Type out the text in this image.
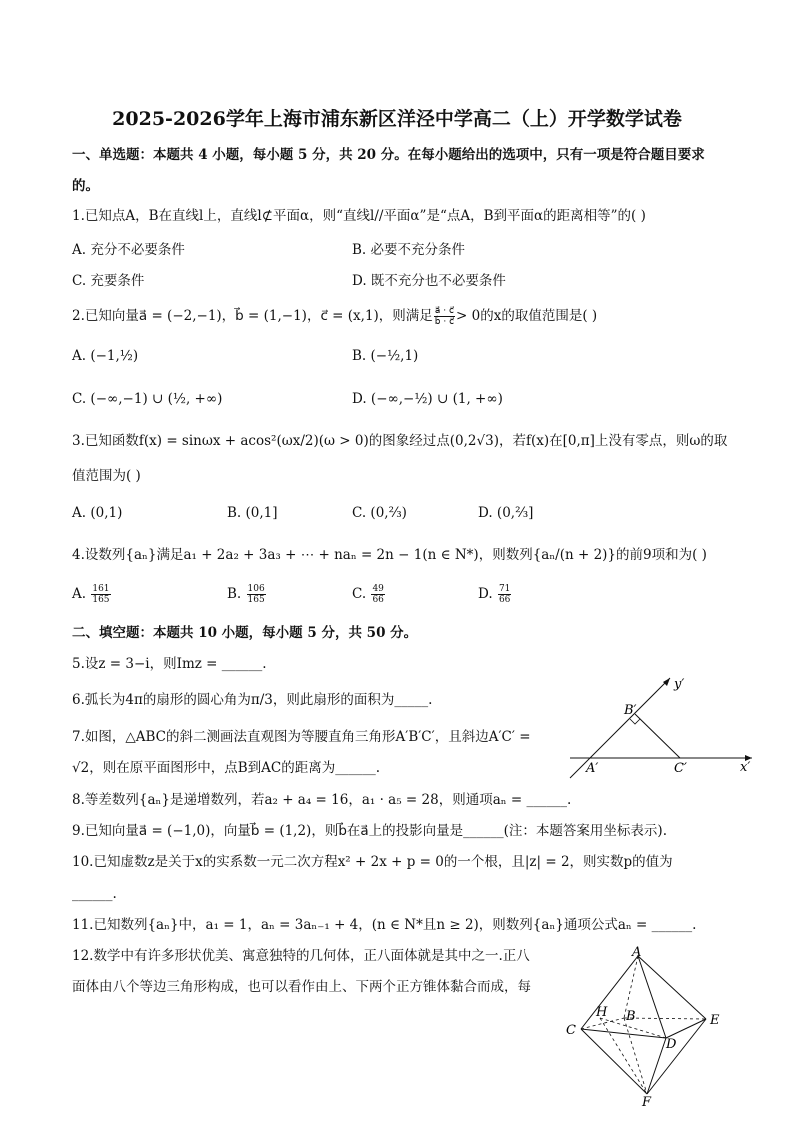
2025-2026学年上海市浦东新区洋泾中学高二（上）开学数学试卷
一、单选题：本题共 4 小题，每小题 5 分，共 20 分。在每小题给出的选项中，只有一项是符合题目要求
的。
1.已知点A，B在直线l上，直线l⊄平面α，则“直线l//平面α”是“点A，B到平面α的距离相等”的( )
A. 充分不必要条件	B. 必要不充分条件
C. 充要条件	D. 既不充分也不必要条件
2.已知向量a⃗ = (−2,−1)，b⃗ = (1,−1)，c⃗ = (x,1)，则满足 $\frac{a⃗ \cdot c⃗}{b⃗ \cdot c⃗} > 0$的x的取值范围是( )
A. (−1,½)	B. (−½,1)
C. (−∞,−1) ∪ (½, +∞)	D. (−∞,−½) ∪ (1, +∞)
3.已知函数f(x) = sinωx + acos²(ωx/2)(ω > 0)的图象经过点(0,2√3)，若f(x)在[0,π]上没有零点，则ω的取
值范围为( )
A. (0,1)	B. (0,1]	C. (0,⅔)	D. (0,⅔]
4.设数列{aₙ}满足a₁ + 2a₂ + 3a₃ + ⋯ + naₙ = 2n − 1(n ∈ N*)，则数列{aₙ/(n + 2)}的前9项和为( )
A. $\frac{161}{165}$	B. $\frac{106}{165}$	C. $\frac{49}{66}$	D. $\frac{71}{66}$
二、填空题：本题共 10 小题，每小题 5 分，共 50 分。
5.设z = 3−i，则Imz = ______.
6.弧长为4π的扇形的圆心角为π/3，则此扇形的面积为_____.
7.如图，△ABC的斜二测画法直观图为等腰直角三角形A′B′C′，且斜边A′C′ =
√2，则在原平面图形中，点B到AC的距离为______.
8.等差数列{aₙ}是递增数列，若a₂ + a₄ = 16，a₁ · a₅ = 28，则通项aₙ = ______.
9.已知向量a⃗ = (−1,0)，向量b⃗ = (1,2)，则b⃗在a⃗上的投影向量是______(注：本题答案用坐标表示).
10.已知虚数z是关于x的实系数一元二次方程x² + 2x + p = 0的一个根，且|z| = 2，则实数p的值为
______.
11.已知数列{aₙ}中，a₁ = 1，aₙ = 3aₙ₋₁ + 4，(n ∈ N*且n ≥ 2)，则数列{aₙ}通项公式aₙ = ______.
12.数学中有许多形状优美、寓意独特的几何体，正八面体就是其中之一.正八
面体由八个等边三角形构成，也可以看作由上、下两个正方锥体黏合而成，每
y′
B′
A′	C′	x′
A
H B
C
E
D
F
